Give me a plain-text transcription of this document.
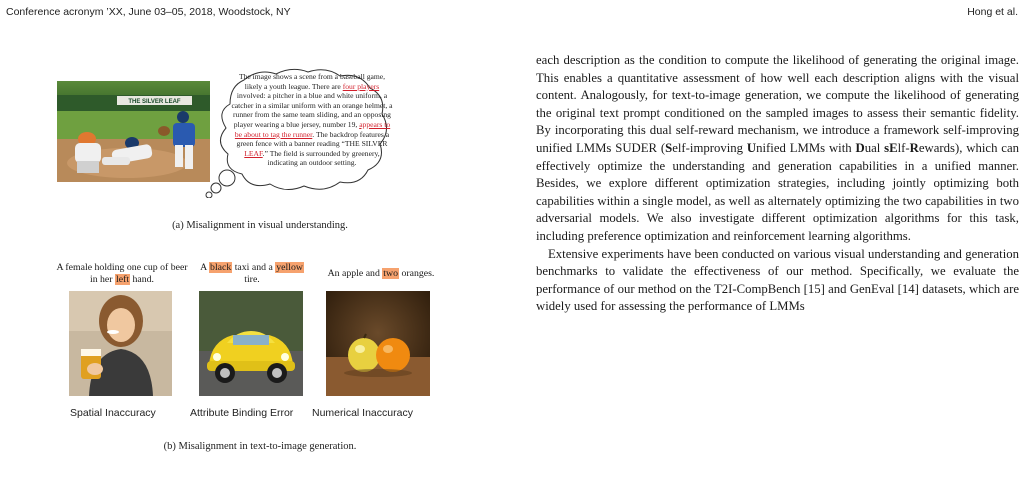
Conference acronym ’XX, June 03–05, 2018, Woodstock, NY	Hong et al.
THE SILVER LEAF
The image shows a scene from a baseball game, likely a youth league. There are four players involved: a pitcher in a blue and white uniform, a catcher in a similar uniform with an orange helmet, a runner from the same team sliding, and an opposing player wearing a blue jersey, number 19, appears to be about to tag the runner. The backdrop features a green fence with a banner reading “THE SILVER LEAF.” The field is surrounded by greenery, indicating an outdoor setting.
(a) Misalignment in visual understanding.
A female holding one cup of beer in her left hand.
A black taxi and a yellow tire.
An apple and two oranges.
Spatial Inaccuracy	Attribute Binding Error Numerical Inaccuracy
(b) Misalignment in text-to-image generation.

each description as the condition to compute the likelihood of generating the original image. This enables a quantitative assessment of how well each description aligns with the visual content. Analogously, for text-to-image generation, we compute the likelihood of generating the original text prompt conditioned on the sampled images to assess their semantic fidelity. By incorporating this dual self-reward mechanism, we introduce a framework self-improving unified LMMs SUDER (Self-improving Unified LMMs with Dual sElf-Rewards), which can effectively optimize the understanding and generation capabilities in a unified manner. Besides, we explore different optimization strategies, including jointly optimizing both capabilities within a single model, as well as alternately optimizing the two capabilities in two adversarial models. We also investigate different optimization algorithms for this task, including preference optimization and reinforcement learning algorithms.

Extensive experiments have been conducted on various visual understanding and generation benchmarks to validate the effectiveness of our method. Specifically, we evaluate the performance of our method on the T2I-CompBench [15] and GenEval [14] datasets, which are widely used for assessing the performance of LMMs
